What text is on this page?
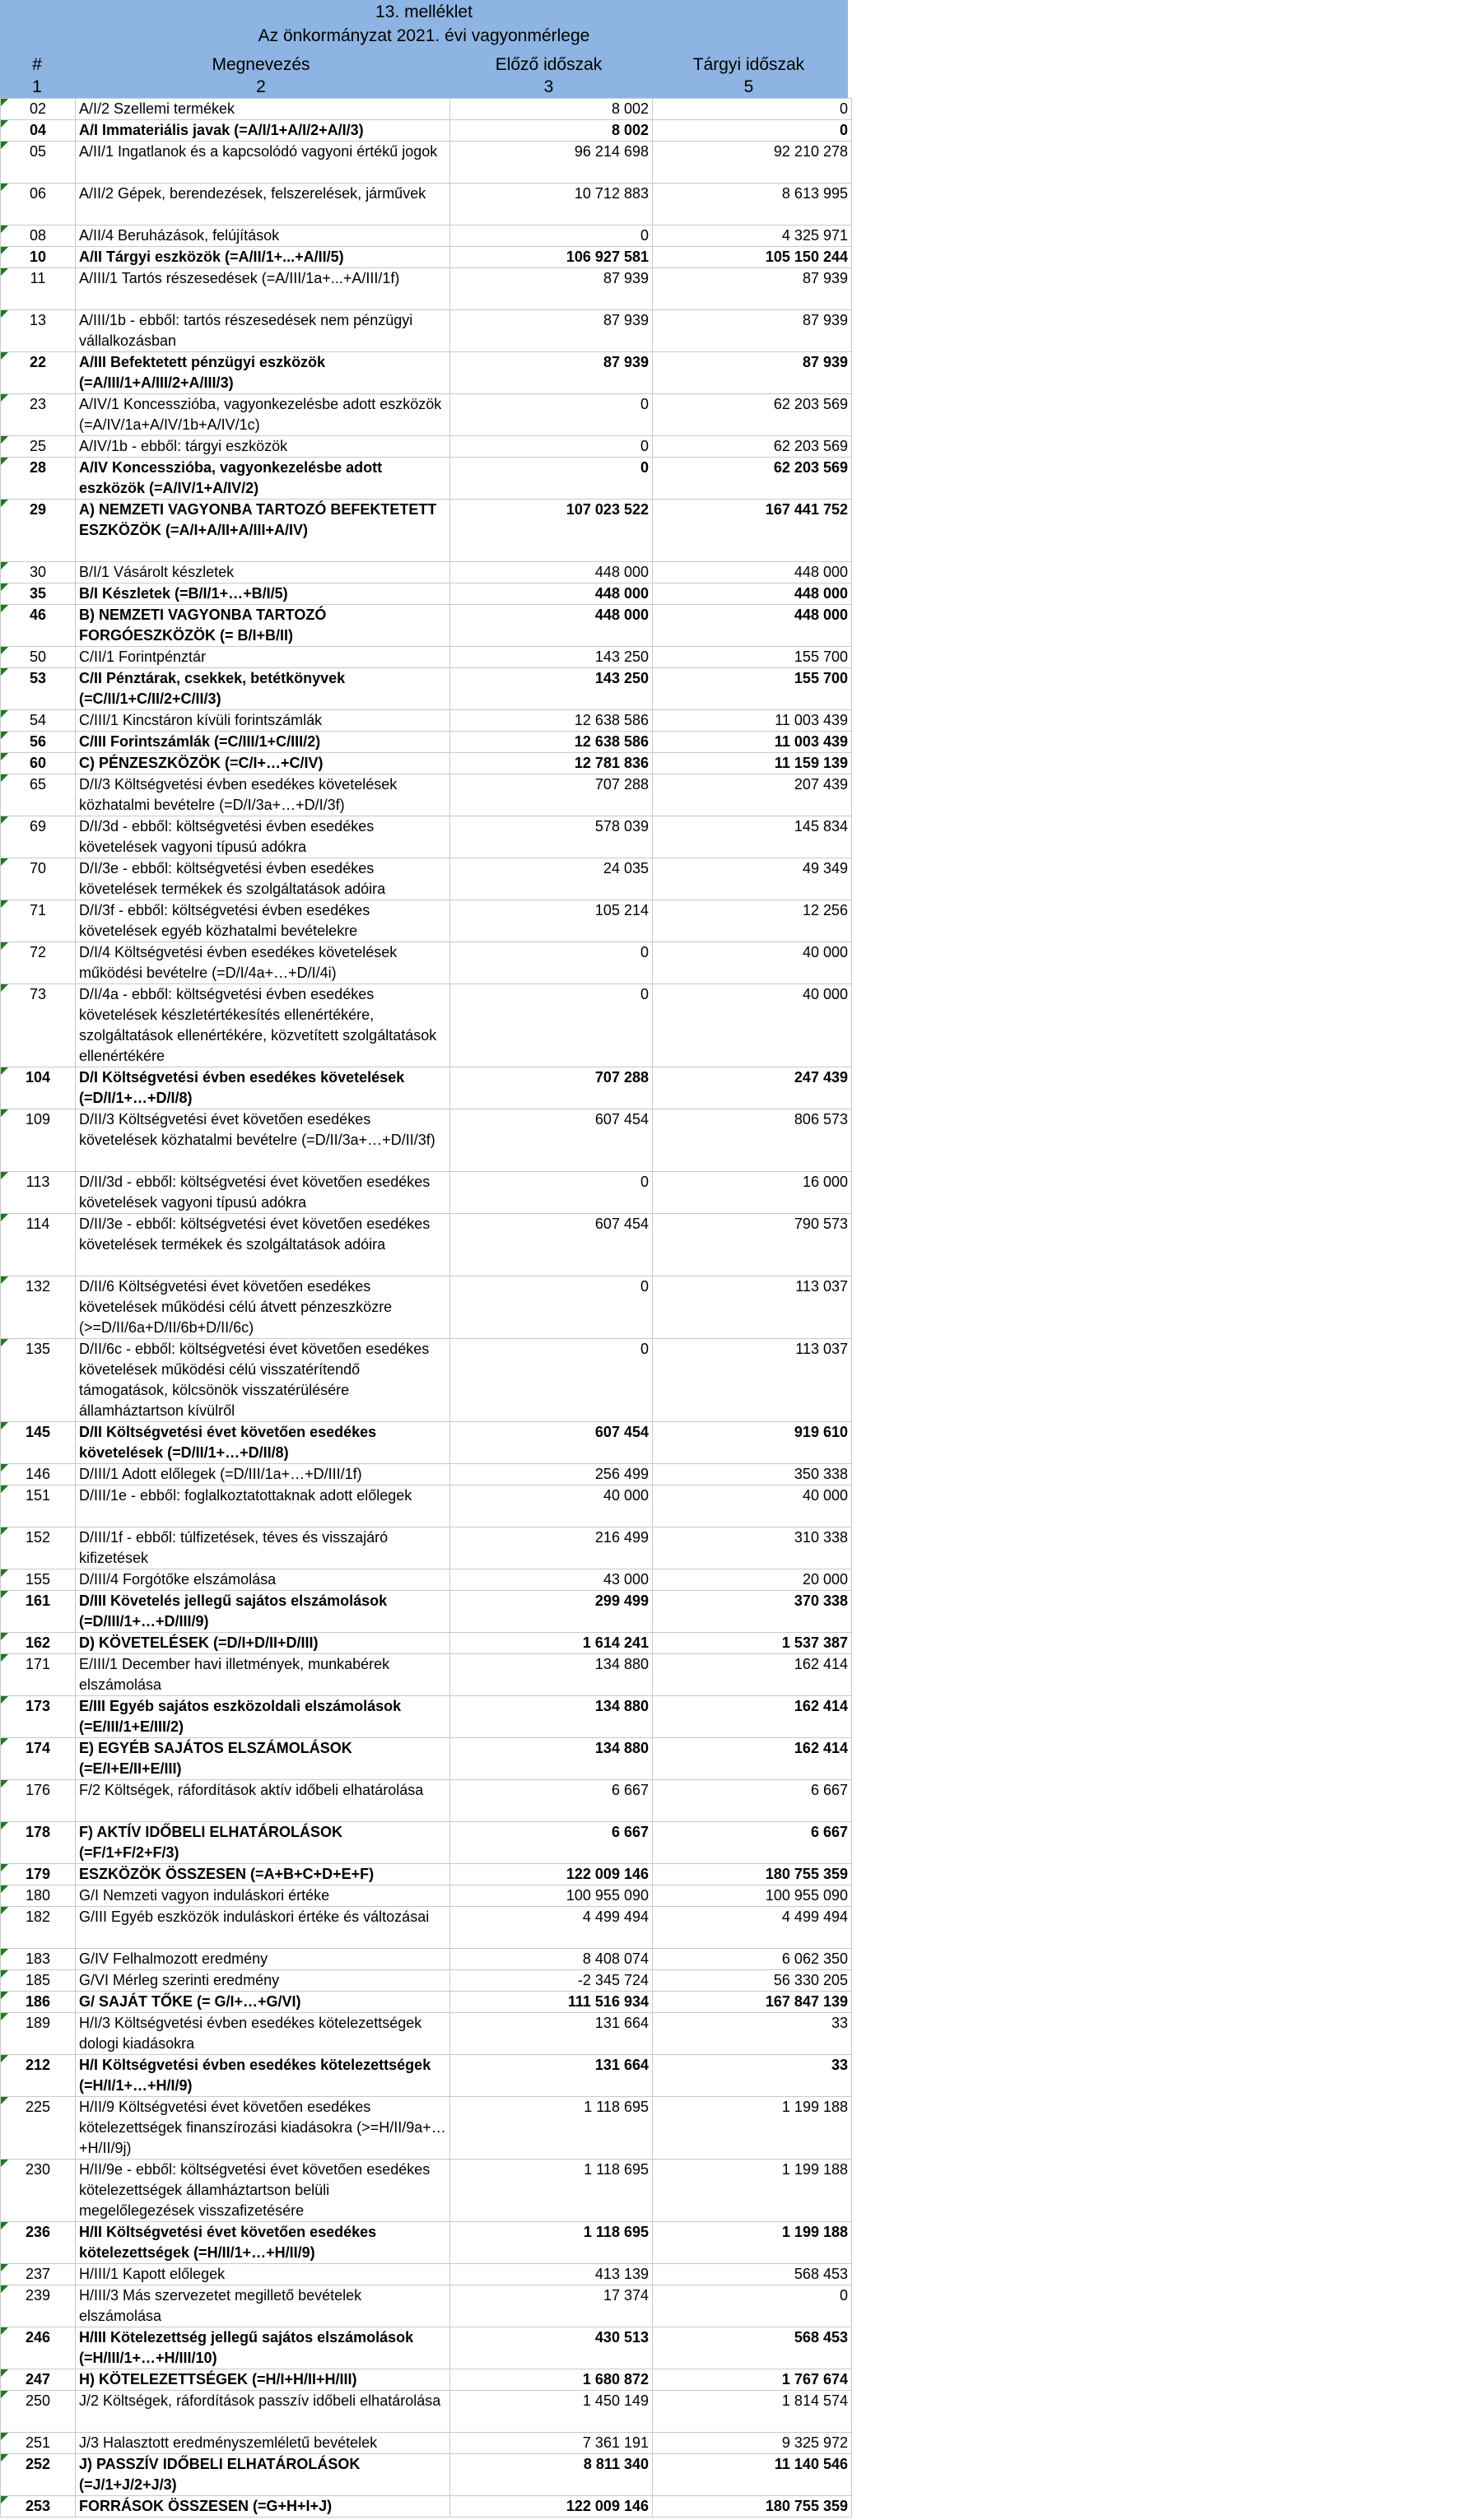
13. melléklet
Az önkormányzat 2021. évi vagyonmérlege
#	Megnevezés	Előző időszak	Tárgyi időszak
1	2	3	5
02	A/I/2 Szellemi termékek	8 002	0
04	A/I Immateriális javak (=A/I/1+A/I/2+A/I/3)	8 002	0
05	A/II/1 Ingatlanok és a kapcsolódó vagyoni értékű jogok	96 214 698	92 210 278
06	A/II/2 Gépek, berendezések, felszerelések, járművek	10 712 883	8 613 995
08	A/II/4 Beruházások, felújítások	0	4 325 971
10	A/II Tárgyi eszközök (=A/II/1+...+A/II/5)	106 927 581	105 150 244
11	A/III/1 Tartós részesedések (=A/III/1a+...+A/III/1f)	87 939	87 939
13	A/III/1b - ebből: tartós részesedések nem pénzügyi vállalkozásban	87 939	87 939
22	A/III Befektetett pénzügyi eszközök (=A/III/1+A/III/2+A/III/3)	87 939	87 939
23	A/IV/1 Koncesszióba, vagyonkezelésbe adott eszközök (=A/IV/1a+A/IV/1b+A/IV/1c)	0	62 203 569
25	A/IV/1b - ebből: tárgyi eszközök	0	62 203 569
28	A/IV Koncesszióba, vagyonkezelésbe adott eszközök (=A/IV/1+A/IV/2)	0	62 203 569
29	A) NEMZETI VAGYONBA TARTOZÓ BEFEKTETETT ESZKÖZÖK (=A/I+A/II+A/III+A/IV)	107 023 522	167 441 752
30	B/I/1 Vásárolt készletek	448 000	448 000
35	B/I Készletek (=B/I/1+…+B/I/5)	448 000	448 000
46	B) NEMZETI VAGYONBA TARTOZÓ FORGÓESZKÖZÖK (= B/I+B/II)	448 000	448 000
50	C/II/1 Forintpénztár	143 250	155 700
53	C/II Pénztárak, csekkek, betétkönyvek (=C/II/1+C/II/2+C/II/3)	143 250	155 700
54	C/III/1 Kincstáron kívüli forintszámlák	12 638 586	11 003 439
56	C/III Forintszámlák (=C/III/1+C/III/2)	12 638 586	11 003 439
60	C) PÉNZESZKÖZÖK (=C/I+…+C/IV)	12 781 836	11 159 139
65	D/I/3 Költségvetési évben esedékes követelések közhatalmi bevételre (=D/I/3a+…+D/I/3f)	707 288	207 439
69	D/I/3d - ebből: költségvetési évben esedékes követelések vagyoni típusú adókra	578 039	145 834
70	D/I/3e - ebből: költségvetési évben esedékes követelések termékek és szolgáltatások adóira	24 035	49 349
71	D/I/3f - ebből: költségvetési évben esedékes követelések egyéb közhatalmi bevételekre	105 214	12 256
72	D/I/4 Költségvetési évben esedékes követelések működési bevételre (=D/I/4a+…+D/I/4i)	0	40 000
73	D/I/4a - ebből: költségvetési évben esedékes követelések készletértékesítés ellenértékére, szolgáltatások ellenértékére, közvetített szolgáltatások ellenértékére	0	40 000
104	D/I Költségvetési évben esedékes követelések (=D/I/1+…+D/I/8)	707 288	247 439
109	D/II/3 Költségvetési évet követően esedékes követelések közhatalmi bevételre (=D/II/3a+…+D/II/3f)	607 454	806 573
113	D/II/3d - ebből: költségvetési évet követően esedékes követelések vagyoni típusú adókra	0	16 000
114	D/II/3e - ebből: költségvetési évet követően esedékes követelések termékek és szolgáltatások adóira	607 454	790 573
132	D/II/6 Költségvetési évet követően esedékes követelések működési célú átvett pénzeszközre (>=D/II/6a+D/II/6b+D/II/6c)	0	113 037
135	D/II/6c - ebből: költségvetési évet követően esedékes követelések működési célú visszatérítendő támogatások, kölcsönök visszatérülésére államháztartson kívülről	0	113 037
145	D/II Költségvetési évet követően esedékes követelések (=D/II/1+…+D/II/8)	607 454	919 610
146	D/III/1 Adott előlegek (=D/III/1a+…+D/III/1f)	256 499	350 338
151	D/III/1e - ebből: foglalkoztatottaknak adott előlegek	40 000	40 000
152	D/III/1f - ebből: túlfizetések, téves és visszajáró kifizetések	216 499	310 338
155	D/III/4 Forgótőke elszámolása	43 000	20 000
161	D/III Követelés jellegű sajátos elszámolások (=D/III/1+…+D/III/9)	299 499	370 338
162	D) KÖVETELÉSEK (=D/I+D/II+D/III)	1 614 241	1 537 387
171	E/III/1 December havi illetmények, munkabérek elszámolása	134 880	162 414
173	E/III Egyéb sajátos eszközoldali elszámolások (=E/III/1+E/III/2)	134 880	162 414
174	E) EGYÉB SAJÁTOS ELSZÁMOLÁSOK (=E/I+E/II+E/III)	134 880	162 414
176	F/2 Költségek, ráfordítások aktív időbeli elhatárolása	6 667	6 667
178	F) AKTÍV IDŐBELI ELHATÁROLÁSOK (=F/1+F/2+F/3)	6 667	6 667
179	ESZKÖZÖK ÖSSZESEN (=A+B+C+D+E+F)	122 009 146	180 755 359
180	G/I Nemzeti vagyon induláskori értéke	100 955 090	100 955 090
182	G/III Egyéb eszközök induláskori értéke és változásai	4 499 494	4 499 494
183	G/IV Felhalmozott eredmény	8 408 074	6 062 350
185	G/VI Mérleg szerinti eredmény	-2 345 724	56 330 205
186	G/ SAJÁT TŐKE (= G/I+…+G/VI)	111 516 934	167 847 139
189	H/I/3 Költségvetési évben esedékes kötelezettségek dologi kiadásokra	131 664	33
212	H/I Költségvetési évben esedékes kötelezettségek (=H/I/1+…+H/I/9)	131 664	33
225	H/II/9 Költségvetési évet követően esedékes kötelezettségek finanszírozási kiadásokra (>=H/II/9a+…+H/II/9j)	1 118 695	1 199 188
230	H/II/9e - ebből: költségvetési évet követően esedékes kötelezettségek államháztartson belüli megelőlegezések visszafizetésére	1 118 695	1 199 188
236	H/II Költségvetési évet követően esedékes kötelezettségek (=H/II/1+…+H/II/9)	1 118 695	1 199 188
237	H/III/1 Kapott előlegek	413 139	568 453
239	H/III/3 Más szervezetet megillető bevételek elszámolása	17 374	0
246	H/III Kötelezettség jellegű sajátos elszámolások (=H/III/1+…+H/III/10)	430 513	568 453
247	H) KÖTELEZETTSÉGEK (=H/I+H/II+H/III)	1 680 872	1 767 674
250	J/2 Költségek, ráfordítások passzív időbeli elhatárolása	1 450 149	1 814 574
251	J/3 Halasztott eredményszemléletű bevételek	7 361 191	9 325 972
252	J) PASSZÍV IDŐBELI ELHATÁROLÁSOK (=J/1+J/2+J/3)	8 811 340	11 140 546
253	FORRÁSOK ÖSSZESEN (=G+H+I+J)	122 009 146	180 755 359
